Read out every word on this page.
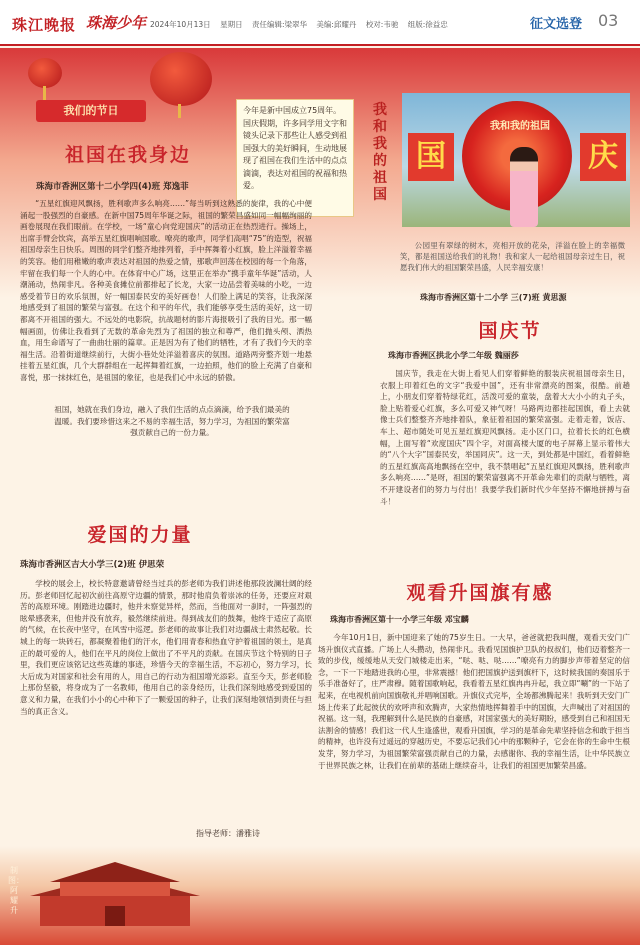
珠江晚报 珠海少年 2024年10月13日 星期日 责任编辑:梁翠华 美编:邱耀丹 校对:韦驰 组版:徐益忠	征文选登 03
我们的节日	今年是新中国成立75周年。国庆假期，许多同学用文字和镜头记录下那些让人感受到祖国强大的美好瞬间，生动地展现了祖国在我们生活中的点点滴滴，表达对祖国的祝福和热爱。
我和我的祖国
我和我的祖国
国	庆
公园里有翠绿的树木，亮相开放的花朵，洋溢在脸上的幸福微笑，都是祖国送给我们的礼物！我和家人一起给祖国母亲过生日，祝愿我们伟大的祖国繁荣昌盛，人民幸福安康！
珠海市香洲区第十二小学 三(7)班 黄思源
祖国在我身边
珠海市香洲区第十二小学四(4)班 郑逸菲
“五星红旗迎风飘扬，胜利歌声多么响亮……”每当听到这熟悉的旋律，我的心中便涌起一股强烈的自豪感。在新中国75周年华诞之际，祖国的繁荣昌盛如同一幅幅绚丽的画卷展现在我们眼前。在学校，一场“童心向党迎国庆”的活动正在热烈进行。操场上，出席手臂会饮宾，高举五星红旗唱响国歌。嘹亮的歌声，同学们高唱“75”的造型，祝福祖国母亲生日快乐。周围的同学们整齐地排列着，手中挥舞着小红旗，脸上洋溢着幸福的笑容。他们用稚嫩的歌声表达对祖国的热爱之情，那歌声回荡在校园的每一个角落，牢留在我们每一个人的心中。在体育中心广场，这里正在举办“携手童年华诞”活动，人潮涌动，热闹非凡。各种美食摊位前都排起了长龙，大家一边品尝着美味的小吃，一边感受着节日的欢乐氛围，好一幅国泰民安的美好画卷！人们脸上满足的笑容，让我深深地感受到了祖国的繁荣与富强。在这个和平的年代，我们能够享受生活的美好，这一切都离不开祖国的强大。不远处的电影院，抗战题材的影片海报吸引了我的目光。那一幅幅画面，仿佛让我看到了无数的革命先烈为了祖国的独立和尊严，他们抛头颅、洒热血，用生命谱写了一曲曲壮丽的篇章。正是因为有了他们的牺牲，才有了我们今天的幸福生活。沿着街道继续前行，大街小巷处处洋溢着喜庆的氛围。道路两旁整齐划一地悬挂着五星红旗，几个大群群组在一起挥舞着红旗，一边拍照，他们的脸上充满了自豪和喜悦，那一抹抹红色，是祖国的象征，也是我们心中永远的骄傲。
祖国，她就在我们身边，融入了我们生活的点点滴滴，给予我们最美的温暖。我们要珍惜这来之不易的幸福生活，努力学习，为祖国的繁荣富强贡献自己的一份力量。
爱国的力量
珠海市香洲区吉大小学三(2)班 伊思荣
学校的展会上，校长特意邀请曾经当过兵的彭老师为我们讲述他那段波澜壮阔的经历。彭老师回忆起初次前往高原守边疆的情景，那时他肩负着崇冰的任务，还要应对艰苦的高原环境。刚踏进边疆时，他并未察觉异样，然而，当他面对一刹时，一阵强烈的眩晕感袭来，但他并没有放弃，毅然继续前进。得到战友们的鼓舞，他终于适应了高原的气候，在长夜中坚守，在风雪中巡逻。彭老师的故事让我们对边疆战士肃然起敬。长城上的每一块砖石，都凝聚着他们的汗水，他们用青春和热血守护着祖国的领土，是真正的最可爱的人，他们在平凡的岗位上做出了不平凡的贡献。在国庆节这个特别的日子里，我们更应该铭记这些英雄的事迹，珍惜今天的幸福生活，不忘初心，努力学习，长大后成为对国家和社会有用的人，用自己的行动为祖国增光添彩。直至今天，彭老师脸上那份坚毅，将身成为了一名教师，他用自己的亲身经历，让我们深刻地感受到爱国的意义和力量，在我们小小的心中种下了一颗爱国的种子，让我们深刻地领悟到责任与担当的真正含义。
指导老师：潘雅诗
国庆节
珠海市香洲区拱北小学二年级 魏丽莎
国庆节，我走在大街上看见人们穿着鲜艳的服装庆祝祖国母亲生日，衣服上印着红色的文字“我爱中国”，还有非常漂亮的图案，很酷。前趟上，小朋友们穿着特绿花红，活泼可爱的童装，盘着大大小小的丸子头，脸上贴着爱心红旗，多么可爱又神气呀！马路两边都挂起国旗，看上去就像士兵们整整齐齐地排着队，象征着祖国的繁荣富强。走着走着，饭店、车上、超市随处可见五星红旗迎风飘扬。走小区门口，拉着长长的红色横幅，上面写着“欢度国庆”四个字，对面高楼大厦的电子屏幕上显示着伟大的“八个大字”国泰民安，举国同庆”。这一天，到处都是中国红，看着鲜艳的五星红旗高高地飘扬在空中，我不禁唱起“五星红旗迎风飘扬，胜利歌声多么响亮……”是呀，祖国的繁荣富强离不开革命先辈们的贡献与牺牲，离不开建设者们的努力与付出！我要学我们新时代少年坚持不懈地拼搏与奋斗！
观看升国旗有感
珠海市香洲区第十一小学三年级 邓宝麟
今年10月1日，新中国迎来了她的75岁生日。一大早，爸爸就把我叫醒，观看天安门广场升旗仪式直播。广场上人头攒动，热闹非凡。我看见国旗护卫队的叔叔们，他们迈着整齐一致的步伐，缓缓地从天安门城楼走出来，“哒、哒、哒……”嘹亮有力的脚步声带着坚定的信念，一下一下地踏进我的心里，非常震撼！他们把国旗护送到旗杆下，这时候我国的奏国乐于乐手准备好了，庄严肃穆。随着国歌响起，我看着五星红旗冉冉升起，我立即“唰”的一下站了起来，在电视机前向国旗敬礼并唱响国歌。升旗仪式完毕，全场都沸腾起来！我听到天安门广场上传来了此起彼伏的欢呼声和欢腾声，大家热情地挥舞着手中的国旗，大声喊出了对祖国的祝福。这一刻，我理解到什么是民族的自豪感，对国家强大的美好期盼，感受到自己和祖国无法割舍的情感！我们这一代人生逢盛世，观看升国旗，学习的是革命先辈坚持信念和敢于担当的精神，也许没有过遥远的穿越历史，不要忘记我们心中的那颗种子，它会在你的生命中生根发芽，努力学习，为祖国繁荣富强贡献自己的力量，去感谢你、我的幸福生活，让中华民族立于世界民族之林，让我们在前辈的基础上继续奋斗，让我们的祖国更加繁荣昌盛。
制图：阿耀升
